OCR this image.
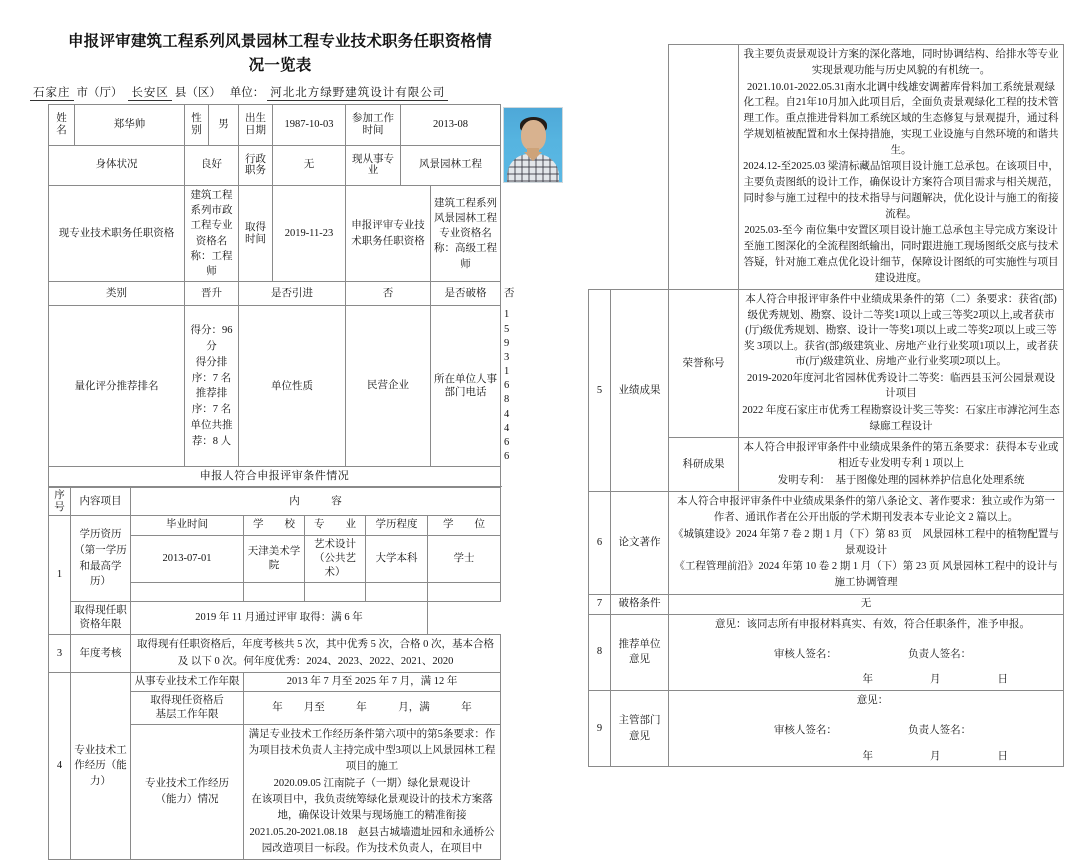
申报评审建筑工程系列风景园林工程专业技术职务任职资格情
况一览表
石家庄 市（厅） 长安区 县（区） 单位： 河北北方绿野建筑设计有限公司
姓名	郑华帅	性别	男	出生日期	1987-10-03	参加工作时间	2013-08		

身体状况		良好		行政职务	无	现从事专业	风景园林工程		
现专业技术职务任职资格		建筑工程系列市政工程专业资格名称：工程师		取得时间	2019-11-23	申报评审专业技术职务任职资格		建筑工程系列风景园林工程专业资格名称：高级工程师	
类别		晋升		是否引进		否		是否破格	否
量化评分推荐排名		得分：96 分
得分排序：7 名
推荐排序：7 名
单位共推荐：8 人		单位性质		民营企业		所在单位人事部门电话	15931684466
申报人符合申报评审条件情况									
序号	内容项目	内　　　容				
1	学历资历（第一学历和最高学历）	毕业时间	学　　校	专　　业	学历程度	学　　位
		2013-07-01	天津美术学院	艺术设计（公共艺术）	大学本科	学士

	取得现任职资格年限	2019 年 11 月通过评审 取得：满 6 年				
3	年度考核	取得现有任职资格后，年度考核共 5 次，其中优秀 5 次，合格 0 次，基本合格及 以下 0 次。何年度优秀：2024、2023、2022、2021、2020				
4	专业技术工作经历（能力）	从事专业技术工作年限	2013 年 7 月至 2025 年 7 月，满 12 年			

		取得现任资格后
基层工作年限	年　　月至　　　年　　　月，满　　　年			

专业技术工作经历
（能力）情况

满足专业技术工作经历条件第六项中的第5条要求：作为项目技术负责人主持完成中型3项以上风景园林工程项目的施工

2020.09.05 江南院子（一期）绿化景观设计

在该项目中，我负责统筹绿化景观设计的技术方案落地，确保设计效果与现场施工的精准衔接

2021.05.20-2021.08.18　赵县古城墙遗址园和永通桥公园改造项目一标段。作为技术负责人，在项目中

			我主要负责景观设计方案的深化落地，同时协调结构、给排水等专业实现景观功能与历史风貌的有机统一。

2021.10.01-2022.05.31南水北调中线雄安调蓄库骨料加工系统景观绿化工程。自21年10月加入此项目后，全面负责景观绿化工程的技术管理工作。重点推进骨料加工系统区域的生态修复与景观提升，通过科学规划植被配置和水土保持措施，实现工业设施与自然环境的和谐共生。

2024.12-至2025.03 梁清标藏品馆项目设计施工总承包。在该项目中，主要负责图纸的设计工作，确保设计方案符合项目需求与相关规范，同时参与施工过程中的技术指导与问题解决，优化设计与施工的衔接流程。

2025.03-至今 南位集中安置区项目设计施工总承包主导完成方案设计至施工图深化的全流程图纸输出，同时跟进施工现场图纸交底与技术答疑，针对施工难点优化设计细节，保障设计图纸的可实施性与项目建设进度。

5	业绩成果	荣誉称号	本人符合申报评审条件中业绩成果条件的第（二）条要求：获省(部)级优秀规划、勘察、设计二等奖1项以上或三等奖2项以上,或者获市(厅)级优秀规划、勘察、设计一等奖1项以上或二等奖2项以上或三等奖 3项以上。获省(部)级建筑业、房地产业行业奖项1项以上，或者获市(厅)级建筑业、房地产业行业奖项2项以上。

2019-2020年度河北省园林优秀设计二等奖：临西县玉河公园景观设计项目

2022 年度石家庄市优秀工程勘察设计奖三等奖：石家庄市滹沱河生态绿廊工程设计

		科研成果	本人符合申报评审条件中业绩成果条件的第五条要求：获得本专业或相近专业发明专利 1 项以上

发明专利：　基于图像处理的园林养护信息化处理系统

6	论文著作	本人符合申报评审条件中业绩成果条件的第八条论文、著作要求：独立或作为第一作者、通讯作者在公开出版的学术期刊发表本专业论文 2 篇以上。

《城镇建设》2024 年第 7 卷 2 期 1 月（下）第 83 页　风景园林工程中的植物配置与景观设计

《工程管理前沿》2024 年第 10 卷 2 期 1 月（下）第 23 页 风景园林工程中的设计与施工协调管理	

7	破格条件	无	
8	推荐单位
意见	意见：该同志所有申报材料真实、有效，符合任职条件，准予申报。

审核人签名： 负责人签名：
年　　月　　日	

9	主管部门
意见	意见：

审核人签名： 负责人签名：
年　　月　　日	
